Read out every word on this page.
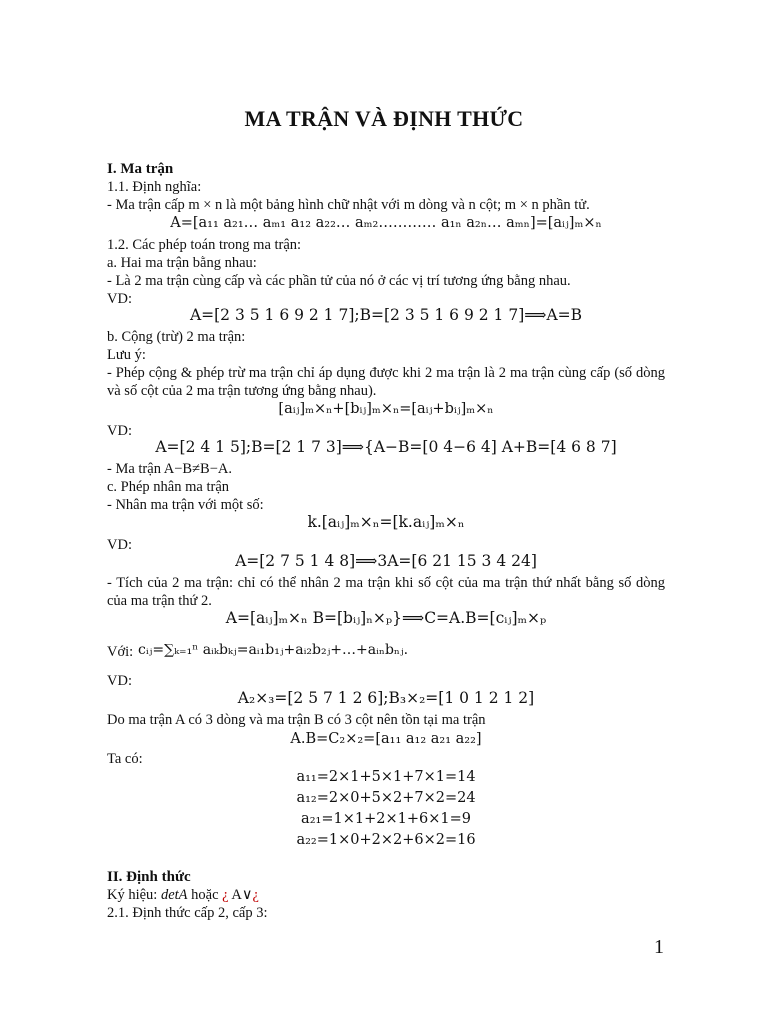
MA TRẬN VÀ ĐỊNH THỨC
I. Ma trận
1.1. Định nghĩa:
- Ma trận cấp m × n là một bảng hình chữ nhật với m dòng và n cột; m × n phần tử.
A=[a₁₁ a₂₁… aₘ₁ a₁₂ a₂₂… aₘ₂………… a₁ₙ a₂ₙ… aₘₙ]=[aᵢⱼ]ₘ×ₙ
1.2. Các phép toán trong ma trận:
a. Hai ma trận bằng nhau:
- Là 2 ma trận cùng cấp và các phần tử của nó ở các vị trí tương ứng bằng nhau.
VD:
A=[2 3 5 1 6 9 2 1 7];B=[2 3 5 1 6 9 2 1 7]⟹A=B
b. Cộng (trừ) 2 ma trận:
Lưu ý:
- Phép cộng & phép trừ ma trận chỉ áp dụng được khi 2 ma trận là 2 ma trận cùng cấp (số dòng và số cột của 2 ma trận tương ứng bằng nhau).
[aᵢⱼ]ₘ×ₙ+[bᵢⱼ]ₘ×ₙ=[aᵢⱼ+bᵢⱼ]ₘ×ₙ
VD:
A=[2 4 1 5];B=[2 1 7 3]⟹{A−B=[0 4−6 4] A+B=[4 6 8 7]
- Ma trận A−B≠B−A.
c. Phép nhân ma trận
- Nhân ma trận với một số:
k.[aᵢⱼ]ₘ×ₙ=[k.aᵢⱼ]ₘ×ₙ
VD:
A=[2 7 5 1 4 8]⟹3A=[6 21 15 3 4 24]
- Tích của 2 ma trận: chỉ có thể nhân 2 ma trận khi số cột của ma trận thứ nhất bằng số dòng của ma trận thứ 2.
A=[aᵢⱼ]ₘ×ₙ B=[bᵢⱼ]ₙ×ₚ}⟹C=A.B=[cᵢⱼ]ₘ×ₚ
Với: cᵢⱼ=∑ₖ₌₁ⁿ aᵢₖbₖⱼ=aᵢ₁b₁ⱼ+aᵢ₂b₂ⱼ+…+aᵢₙbₙⱼ.
VD:
A₂×₃=[2 5 7 1 2 6];B₃×₂=[1 0 1 2 1 2]
Do ma trận A có 3 dòng và ma trận B có 3 cột nên tồn tại ma trận
A.B=C₂×₂=[a₁₁ a₁₂ a₂₁ a₂₂]
Ta có:
a₁₁=2×1+5×1+7×1=14
a₁₂=2×0+5×2+7×2=24
a₂₁=1×1+2×1+6×1=9
a₂₂=1×0+2×2+6×2=16
II. Định thức
Ký hiệu: detA hoặc ¿ A∨¿
2.1. Định thức cấp 2, cấp 3:
1
